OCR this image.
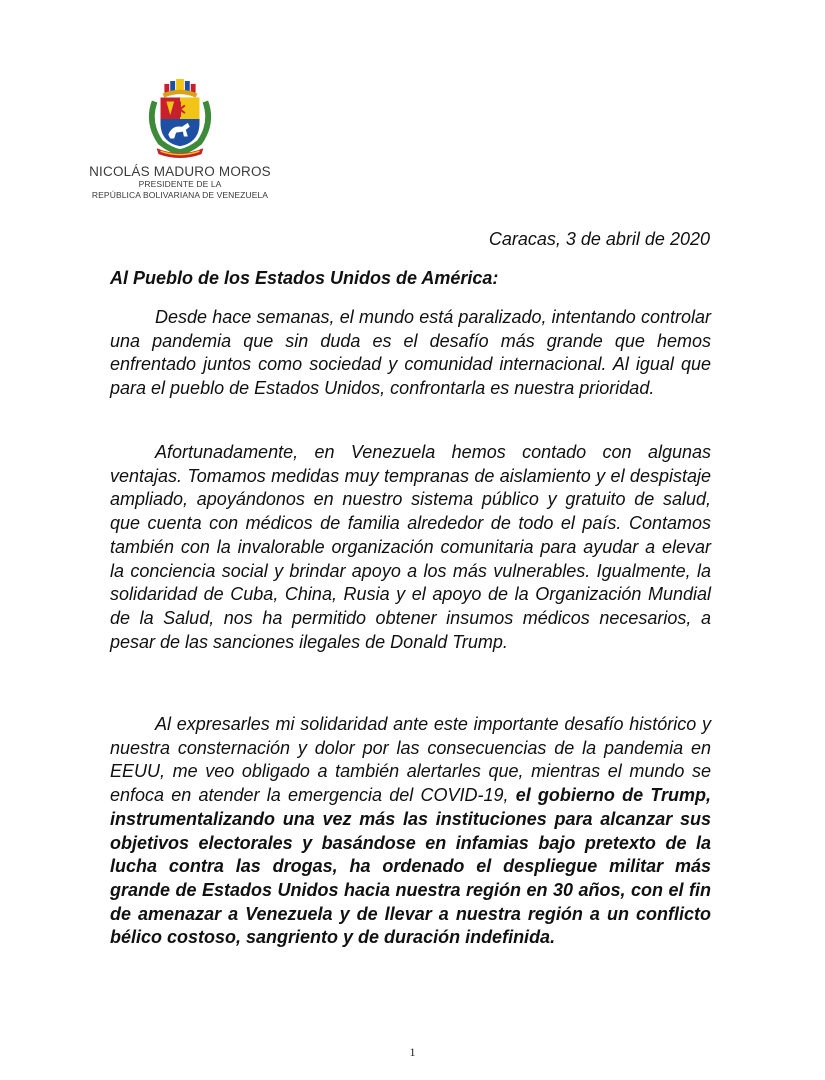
NICOLÁS MADURO MOROS
PRESIDENTE DE LA
REPÚBLICA BOLIVARIANA DE VENEZUELA
Caracas, 3 de abril de 2020
Al Pueblo de los Estados Unidos de América:

Desde hace semanas, el mundo está paralizado, intentando controlar una pandemia que sin duda es el desafío más grande que hemos enfrentado juntos como sociedad y comunidad internacional. Al igual que para el pueblo de Estados Unidos, confrontarla es nuestra prioridad.

Afortunadamente, en Venezuela hemos contado con algunas ventajas. Tomamos medidas muy tempranas de aislamiento y el despistaje ampliado, apoyándonos en nuestro sistema público y gratuito de salud, que cuenta con médicos de familia alrededor de todo el país. Contamos también con la invalorable organización comunitaria para ayudar a elevar la conciencia social y brindar apoyo a los más vulnerables. Igualmente, la solidaridad de Cuba, China, Rusia y el apoyo de la Organización Mundial de la Salud, nos ha permitido obtener insumos médicos necesarios, a pesar de las sanciones ilegales de Donald Trump.

Al expresarles mi solidaridad ante este importante desafío histórico y nuestra consternación y dolor por las consecuencias de la pandemia en EEUU, me veo obligado a también alertarles que, mientras el mundo se enfoca en atender la emergencia del COVID-19, el gobierno de Trump, instrumentalizando una vez más las instituciones para alcanzar sus objetivos electorales y basándose en infamias bajo pretexto de la lucha contra las drogas, ha ordenado el despliegue militar más grande de Estados Unidos hacia nuestra región en 30 años, con el fin de amenazar a Venezuela y de llevar a nuestra región a un conflicto bélico costoso, sangriento y de duración indefinida.

1
